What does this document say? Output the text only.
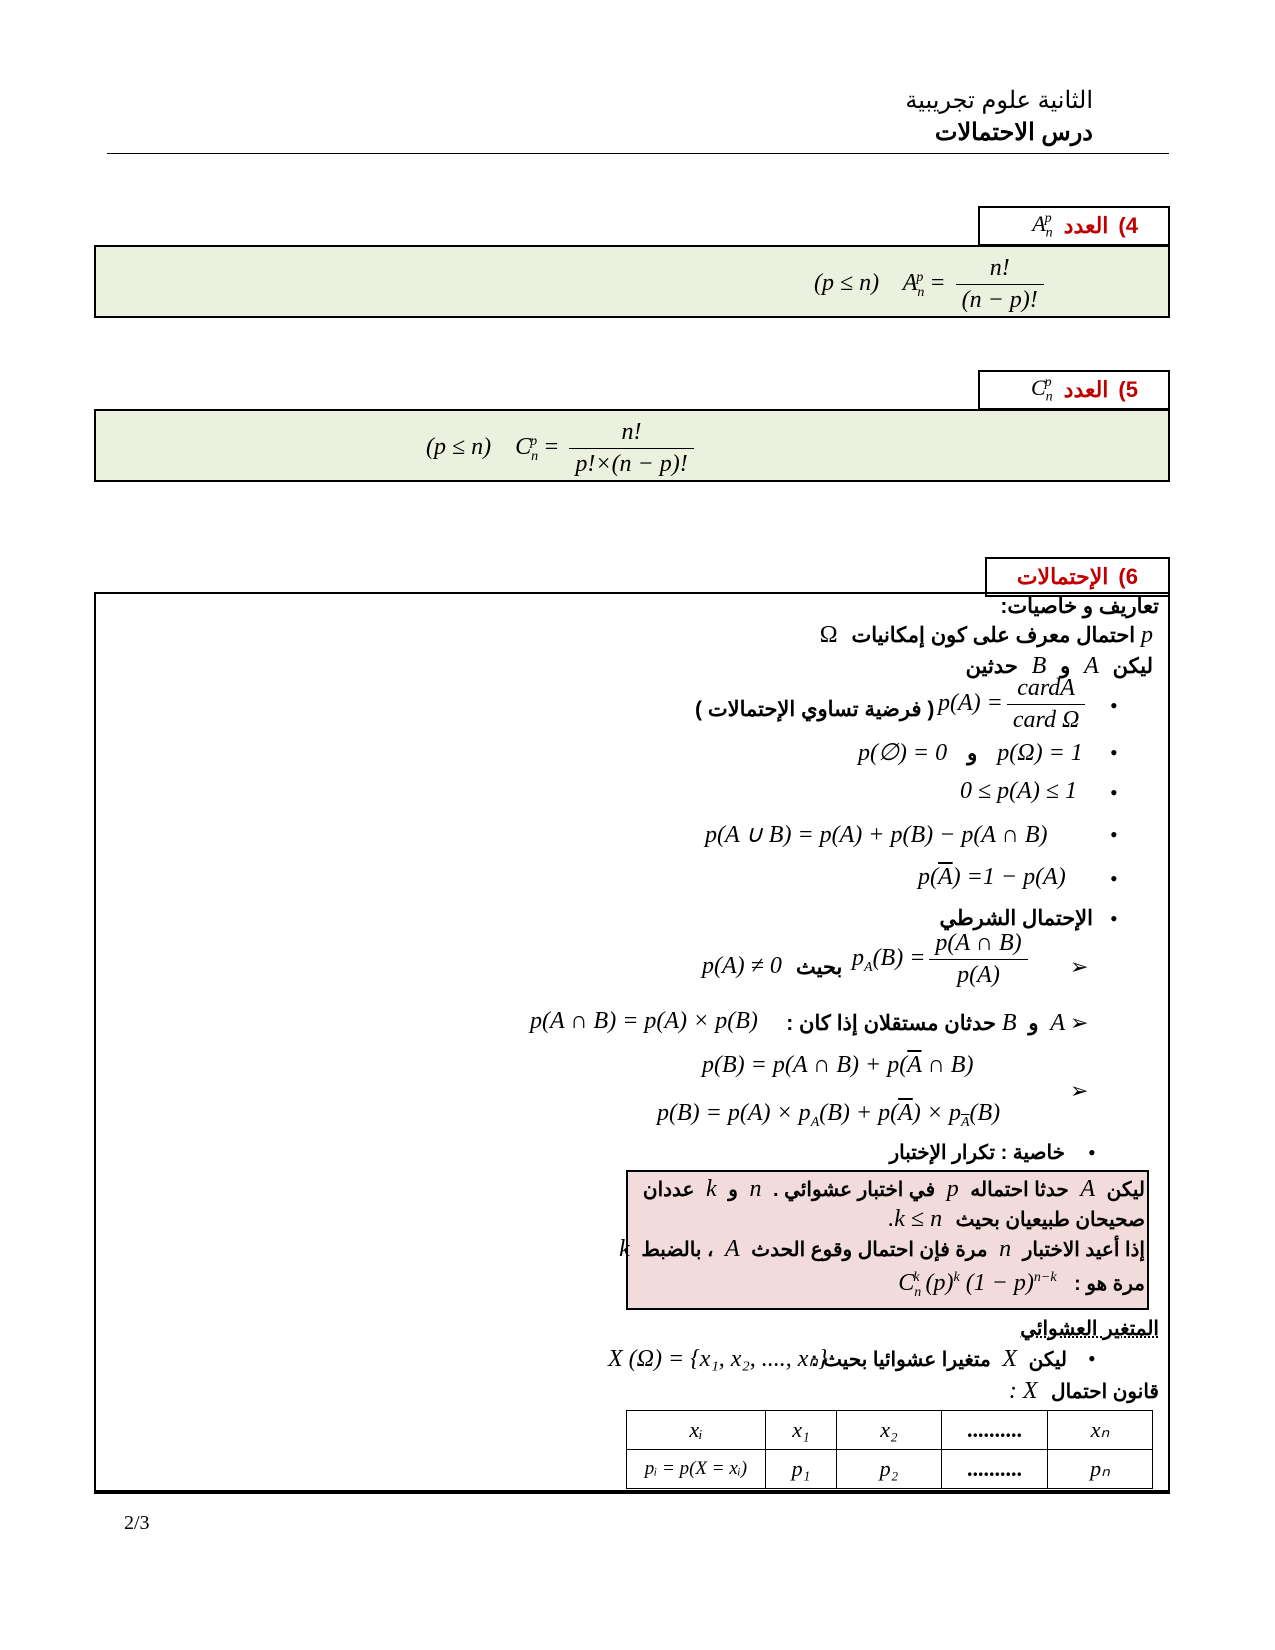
الثانية علوم تجريبية
درس الاحتمالات
4)
العدد
$A_n^p$
(p ≤ n) $A_n^p = \frac{n!}{(n - p)!}$
5)
العدد
$C_n^p$
(p ≤ n) $C_n^p = \frac{n!}{p!\times(n - p)!}$
6)
الإحتمالات
تعاريف و خاصيات:
p احتمال معرف على كون إمكانيات Ω
ليكن A و B حدثين
•
$p(A) = \frac{\text{cardA}}{\text{card Ω}}$
( فرضية تساوي الإحتمالات )
•
p(∅) = 0 و p(Ω) = 1
•
0 ≤ p(A) ≤ 1
•
p(A ∪ B) = p(A) + p(B) − p(A ∩ B)
•
$p(\overline{A}) =1 - p(A)$
•
الإحتمال الشرطي
➢
$p_A(B) = \frac{p(A \cap B)}{p(A)}$
بحيث
p(A) ≠ 0
➢
A و B حدثان مستقلان إذا كان :
p(A ∩ B) = p(A) × p(B)
➢
p(B) = p(A ∩ $B) + p(\overline{A}$ ∩ B)
$p(B) = p(A) \times p_A(B) + p(\overline{A}) \times p_{\overline{A}}(B)$
•
خاصية : تكرار الإختبار
ليكن A حدثا احتماله p في اختبار عشوائي . n و k عددان
صحيحان طبيعيان بحيث k ≤ n.
إذا أعيد الاختبار n مرة فإن احتمال وقوع الحدث A ، بالضبط k
مرة هو : $C_n^k$ $(p)^k$ $(1 - p)^{n-k}$
المتغير العشوائي
•
ليكن X متغيرا عشوائيا بحيث :
X (Ω) = {x₁, x₂, ...., xₙ}
قانون احتمال X :
xᵢ	x₁	x₂	..........	xₙ
pᵢ = p(X = xᵢ)	p₁	p₂	..........	pₙ
2/3
